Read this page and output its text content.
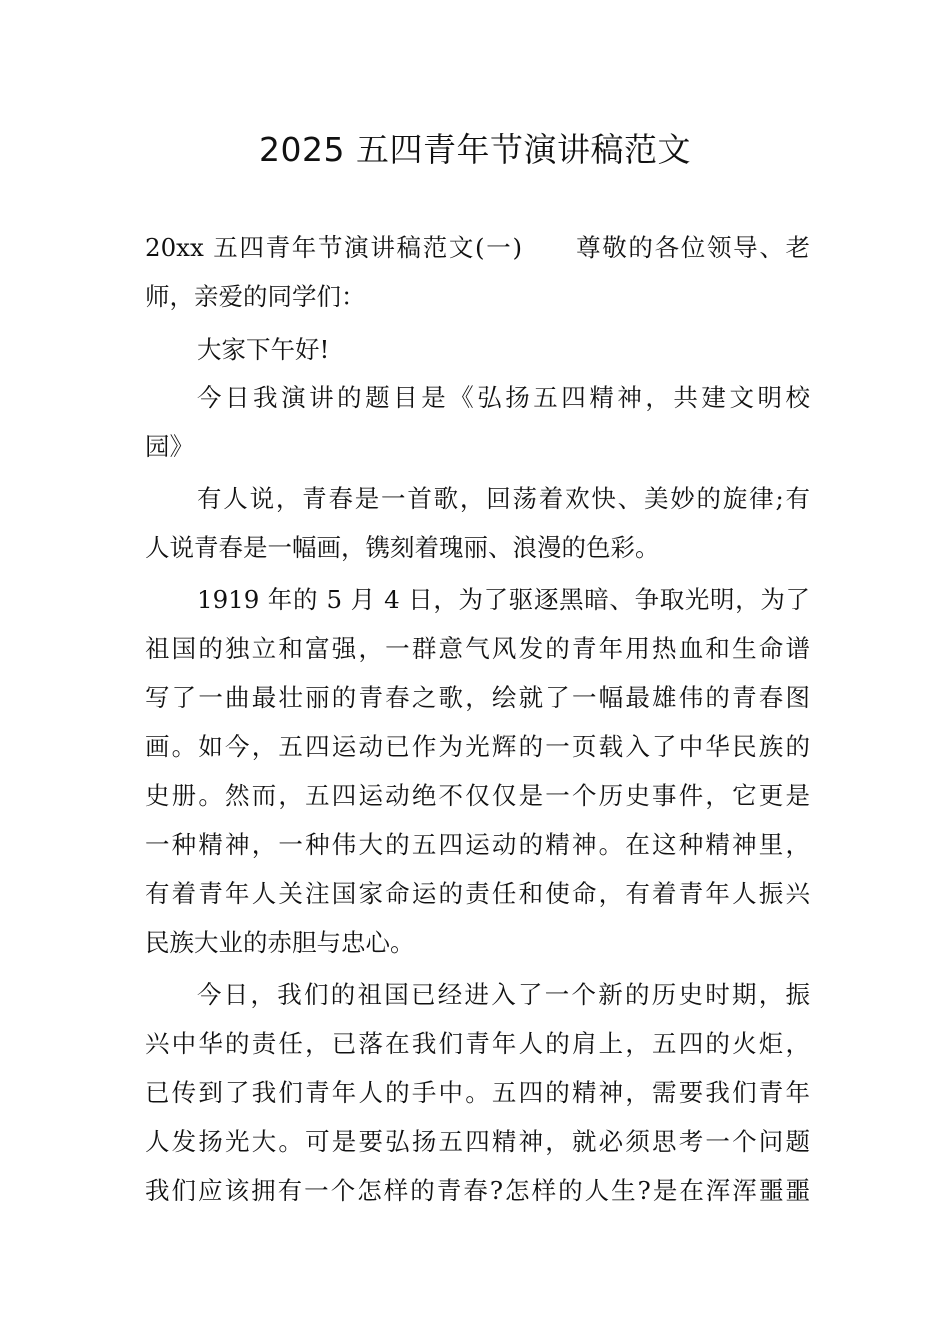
2025 五四青年节演讲稿范文
20xx 五四青年节演讲稿范文(一)　　尊敬的各位领导、老
师，亲爱的同学们：
大家下午好!
今日我演讲的题目是《弘扬五四精神，共建文明校
园》
有人说，青春是一首歌，回荡着欢快、美妙的旋律;有
人说青春是一幅画，镌刻着瑰丽、浪漫的色彩。
1919 年的 5 月 4 日，为了驱逐黑暗、争取光明，为了
祖国的独立和富强，一群意气风发的青年用热血和生命谱
写了一曲最壮丽的青春之歌，绘就了一幅最雄伟的青春图
画。如今，五四运动已作为光辉的一页载入了中华民族的
史册。然而，五四运动绝不仅仅是一个历史事件，它更是
一种精神，一种伟大的五四运动的精神。在这种精神里，
有着青年人关注国家命运的责任和使命，有着青年人振兴
民族大业的赤胆与忠心。
今日，我们的祖国已经进入了一个新的历史时期，振
兴中华的责任，已落在我们青年人的肩上，五四的火炬，
已传到了我们青年人的手中。五四的精神，需要我们青年
人发扬光大。可是要弘扬五四精神，就必须思考一个问题
我们应该拥有一个怎样的青春?怎样的人生?是在浑浑噩噩
